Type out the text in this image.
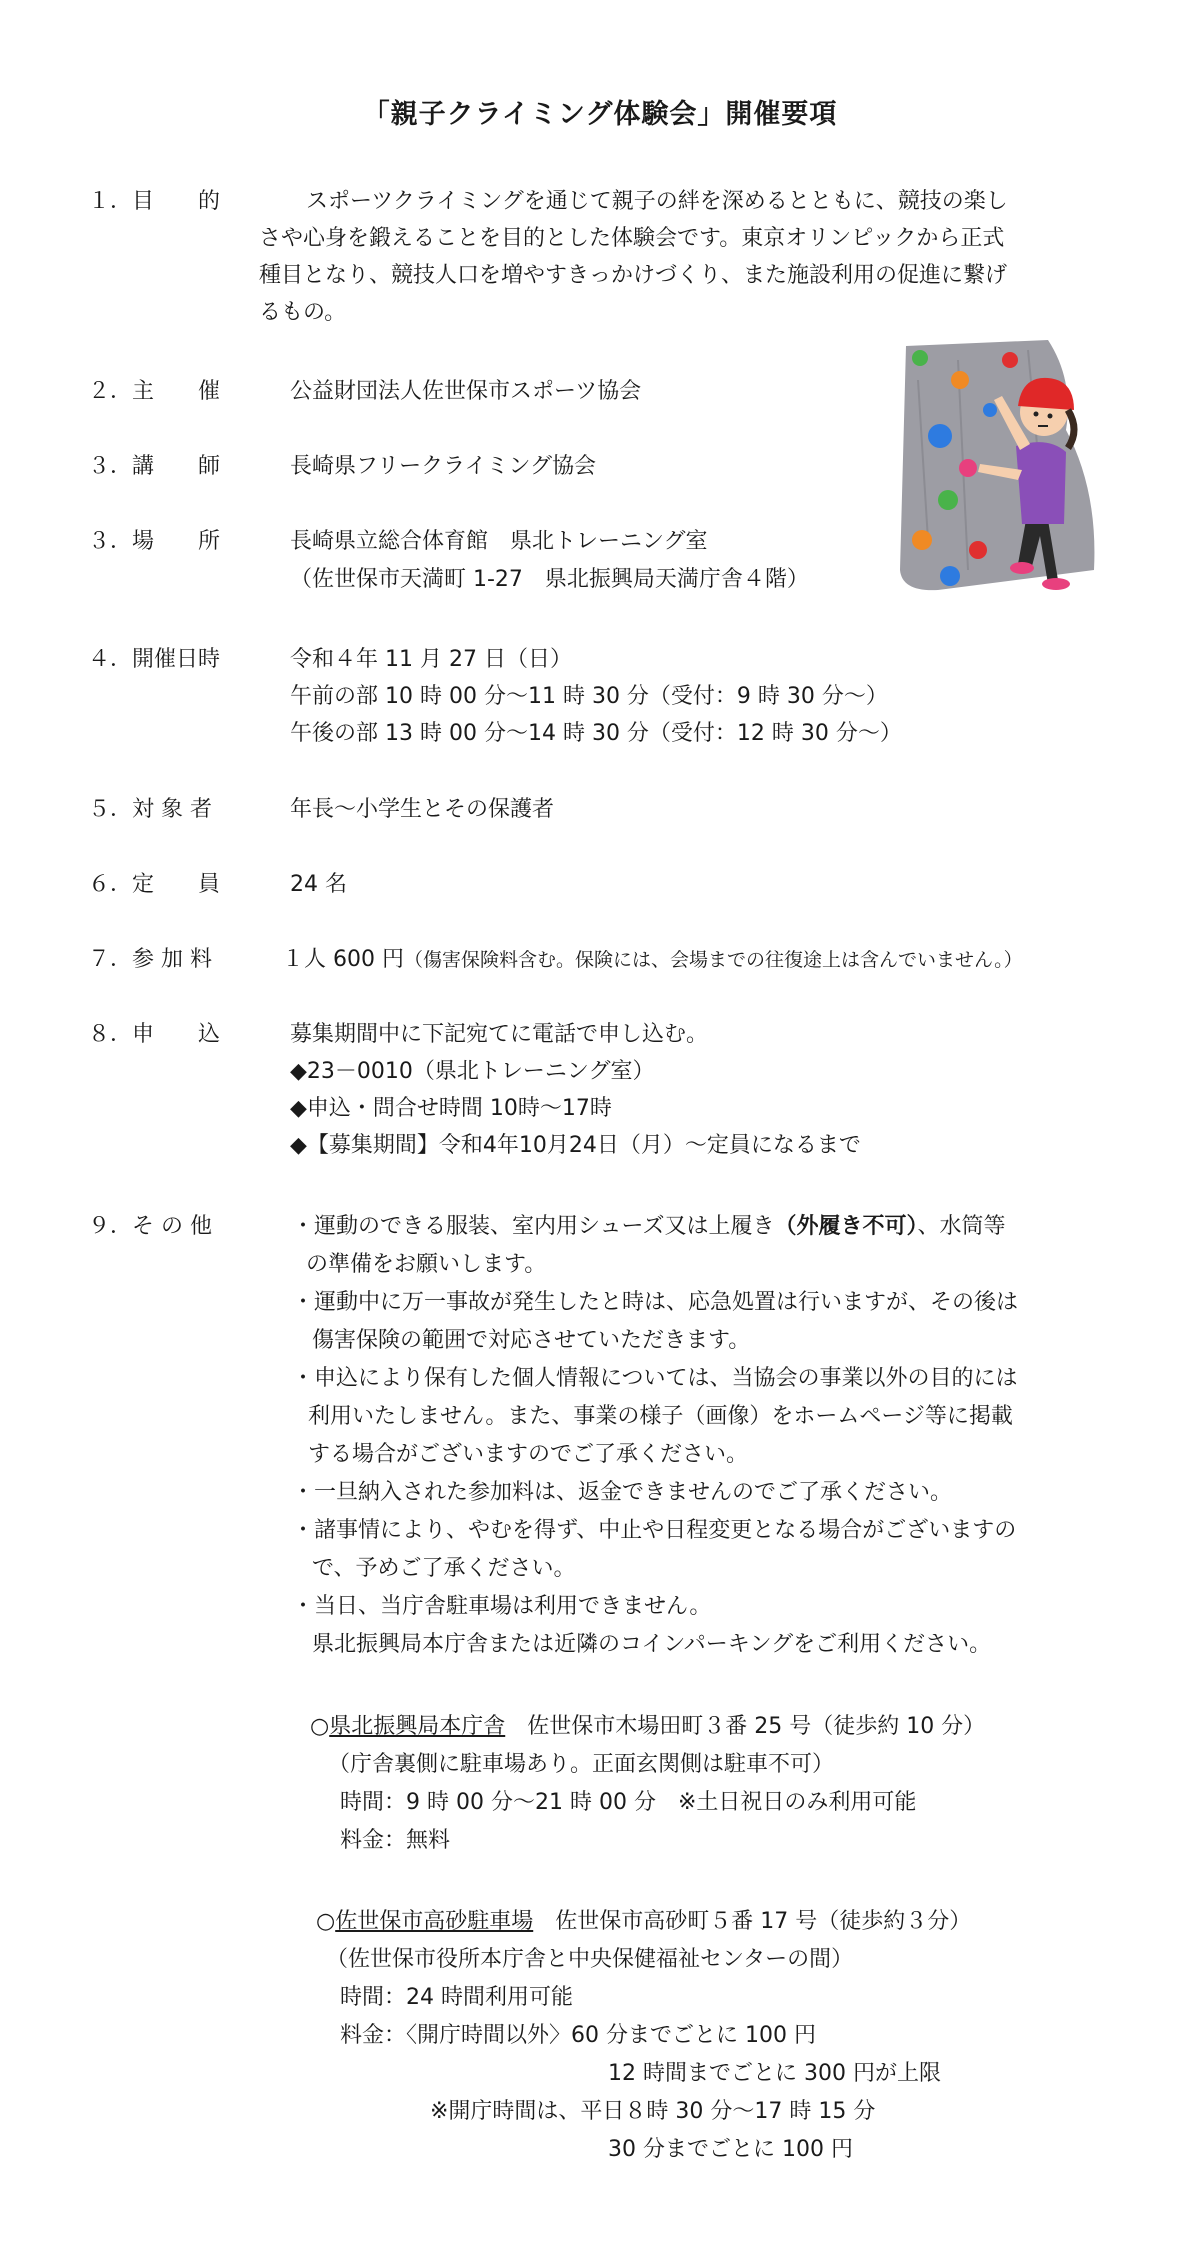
「親子クライミング体験会」開催要項
１．目　　的	スポーツクライミングを通じて親子の絆を深めるとともに、競技の楽し
さや心身を鍛えることを目的とした体験会です。東京オリンピックから正式
種目となり、競技人口を増やすきっかけづくり、また施設利用の促進に繋げ
るもの。
２．主　　催	公益財団法人佐世保市スポーツ協会
３．講　　師	長崎県フリークライミング協会
３．場　　所	長崎県立総合体育館　県北トレーニング室
（佐世保市天満町 1-27　県北振興局天満庁舎４階）
４．開催日時	令和４年 11 月 27 日（日）
午前の部 10 時 00 分～11 時 30 分（受付：9 時 30 分～）
午後の部 13 時 00 分～14 時 30 分（受付：12 時 30 分～）
５．対 象 者	年長～小学生とその保護者
６．定　　員	24 名
７．参 加 料	１人 600 円（傷害保険料含む。保険には、会場までの往復途上は含んでいません。）
８．申　　込	募集期間中に下記宛てに電話で申し込む。
◆23－0010（県北トレーニング室）
◆申込・問合せ時間 10時～17時
◆【募集期間】令和4年10月24日（月）～定員になるまで
９．そ の 他	・運動のできる服装、室内用シューズ又は上履き（外履き不可）、水筒等
の準備をお願いします。
・運動中に万一事故が発生したと時は、応急処置は行いますが、その後は
傷害保険の範囲で対応させていただきます。
・申込により保有した個人情報については、当協会の事業以外の目的には
利用いたしません。また、事業の様子（画像）をホームページ等に掲載
する場合がございますのでご了承ください。
・一旦納入された参加料は、返金できませんのでご了承ください。
・諸事情により、やむを得ず、中止や日程変更となる場合がございますの
で、予めご了承ください。
・当日、当庁舎駐車場は利用できません。
県北振興局本庁舎または近隣のコインパーキングをご利用ください。
○県北振興局本庁舎　佐世保市木場田町３番 25 号（徒歩約 10 分）
（庁舎裏側に駐車場あり。正面玄関側は駐車不可）
時間：9 時 00 分～21 時 00 分　※土日祝日のみ利用可能
料金：無料
○佐世保市高砂駐車場　佐世保市高砂町５番 17 号（徒歩約３分）
（佐世保市役所本庁舎と中央保健福祉センターの間）
時間：24 時間利用可能
料金：〈開庁時間以外〉60 分までごとに 100 円
12 時間までごとに 300 円が上限
※開庁時間は、平日８時 30 分～17 時 15 分
30 分までごとに 100 円
